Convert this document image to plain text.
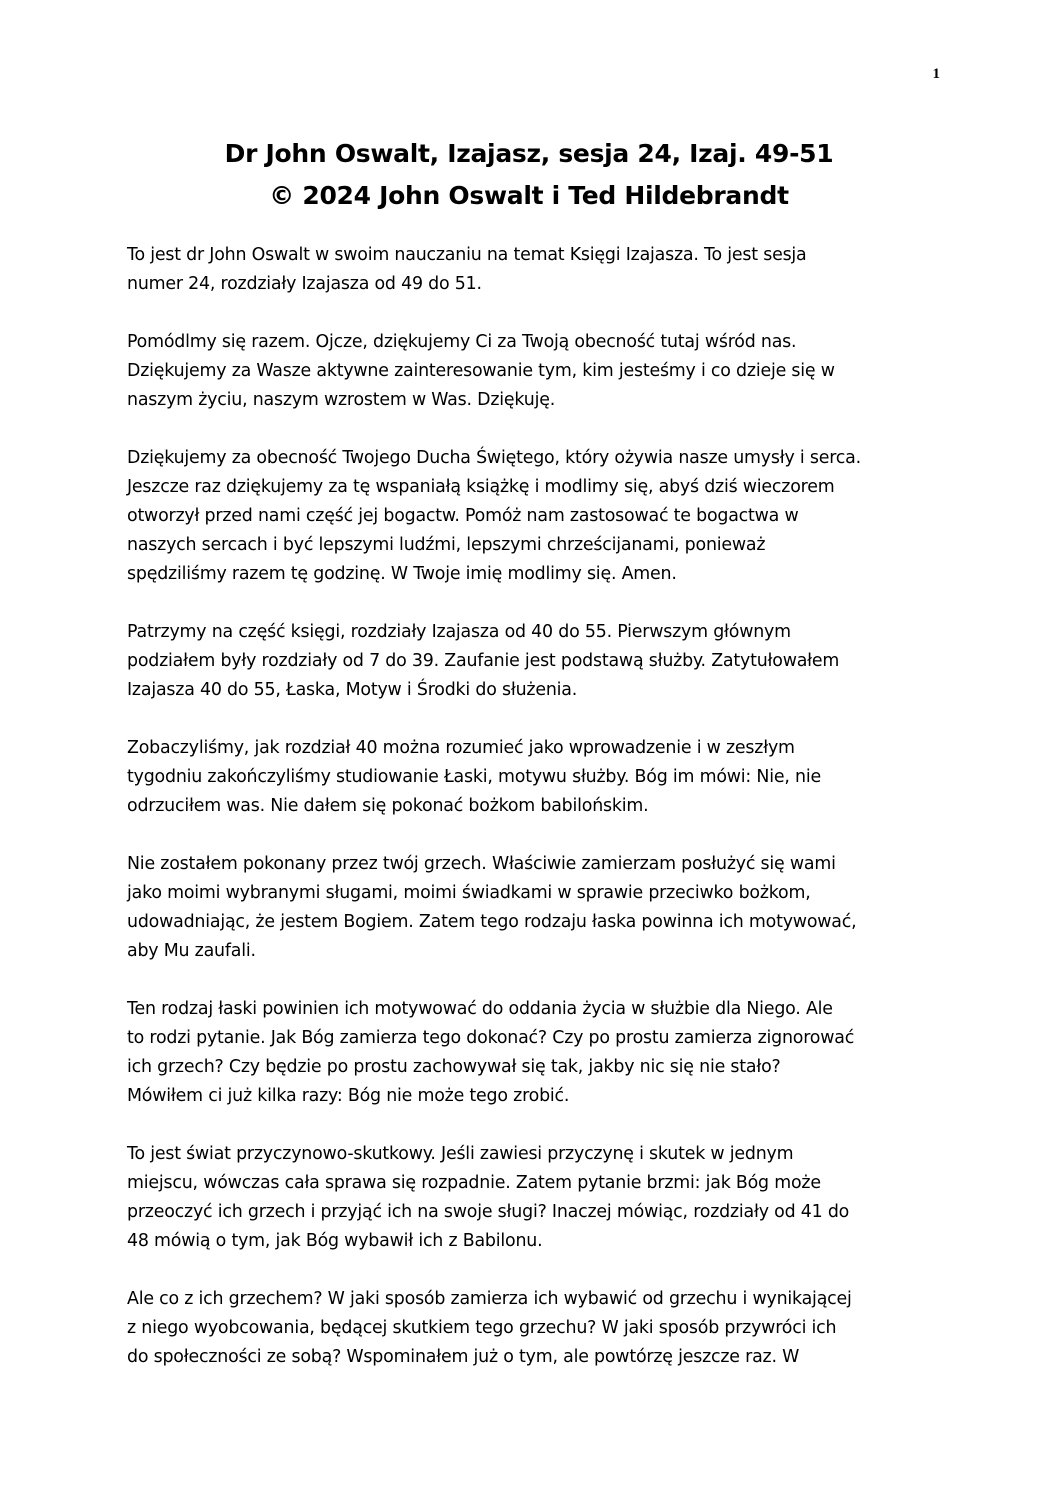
1
Dr John Oswalt, Izajasz, sesja 24, Izaj. 49-51
© 2024 John Oswalt i Ted Hildebrandt

To jest dr John Oswalt w swoim nauczaniu na temat Księgi Izajasza. To jest sesja
numer 24, rozdziały Izajasza od 49 do 51.

Pomódlmy się razem. Ojcze, dziękujemy Ci za Twoją obecność tutaj wśród nas.
Dziękujemy za Wasze aktywne zainteresowanie tym, kim jesteśmy i co dzieje się w
naszym życiu, naszym wzrostem w Was. Dziękuję.

Dziękujemy za obecność Twojego Ducha Świętego, który ożywia nasze umysły i serca.
Jeszcze raz dziękujemy za tę wspaniałą książkę i modlimy się, abyś dziś wieczorem
otworzył przed nami część jej bogactw. Pomóż nam zastosować te bogactwa w
naszych sercach i być lepszymi ludźmi, lepszymi chrześcijanami, ponieważ
spędziliśmy razem tę godzinę. W Twoje imię modlimy się. Amen.

Patrzymy na część księgi, rozdziały Izajasza od 40 do 55. Pierwszym głównym
podziałem były rozdziały od 7 do 39. Zaufanie jest podstawą służby. Zatytułowałem
Izajasza 40 do 55, Łaska, Motyw i Środki do służenia.

Zobaczyliśmy, jak rozdział 40 można rozumieć jako wprowadzenie i w zeszłym
tygodniu zakończyliśmy studiowanie Łaski, motywu służby. Bóg im mówi: Nie, nie
odrzuciłem was. Nie dałem się pokonać bożkom babilońskim.

Nie zostałem pokonany przez twój grzech. Właściwie zamierzam posłużyć się wami
jako moimi wybranymi sługami, moimi świadkami w sprawie przeciwko bożkom,
udowadniając, że jestem Bogiem. Zatem tego rodzaju łaska powinna ich motywować,
aby Mu zaufali.

Ten rodzaj łaski powinien ich motywować do oddania życia w służbie dla Niego. Ale
to rodzi pytanie. Jak Bóg zamierza tego dokonać? Czy po prostu zamierza zignorować
ich grzech? Czy będzie po prostu zachowywał się tak, jakby nic się nie stało?
Mówiłem ci już kilka razy: Bóg nie może tego zrobić.

To jest świat przyczynowo-skutkowy. Jeśli zawiesi przyczynę i skutek w jednym
miejscu, wówczas cała sprawa się rozpadnie. Zatem pytanie brzmi: jak Bóg może
przeoczyć ich grzech i przyjąć ich na swoje sługi? Inaczej mówiąc, rozdziały od 41 do
48 mówią o tym, jak Bóg wybawił ich z Babilonu.

Ale co z ich grzechem? W jaki sposób zamierza ich wybawić od grzechu i wynikającej
z niego wyobcowania, będącej skutkiem tego grzechu? W jaki sposób przywróci ich
do społeczności ze sobą? Wspominałem już o tym, ale powtórzę jeszcze raz. W
